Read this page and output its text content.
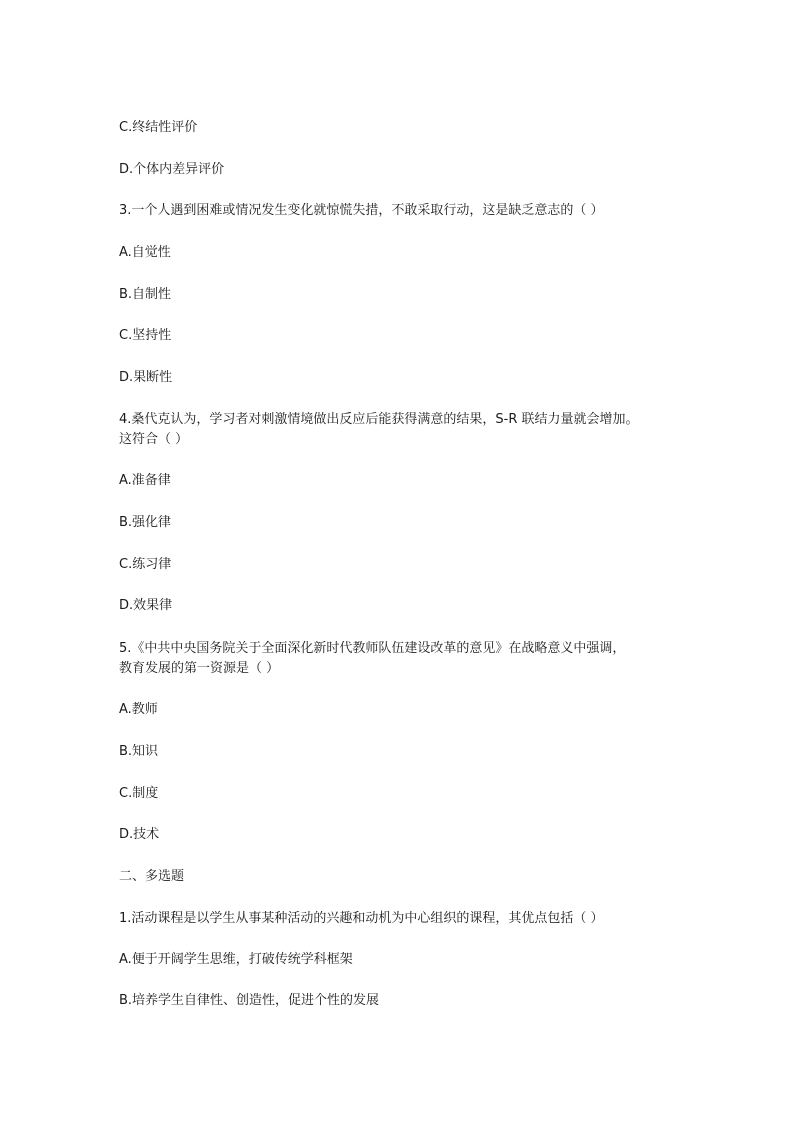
C.终结性评价
D.个体内差异评价
3.一个人遇到困难或情况发生变化就惊慌失措，不敢采取行动，这是缺乏意志的（ ）
A.自觉性
B.自制性
C.坚持性
D.果断性
4.桑代克认为，学习者对刺激情境做出反应后能获得满意的结果，S-R 联结力量就会增加。
这符合（ ）
A.准备律
B.强化律
C.练习律
D.效果律
5.《中共中央国务院关于全面深化新时代教师队伍建设改革的意见》在战略意义中强调，
教育发展的第一资源是（ ）
A.教师
B.知识
C.制度
D.技术
二、多选题
1.活动课程是以学生从事某种活动的兴趣和动机为中心组织的课程，其优点包括（ ）
A.便于开阔学生思维，打破传统学科框架
B.培养学生自律性、创造性，促进个性的发展
